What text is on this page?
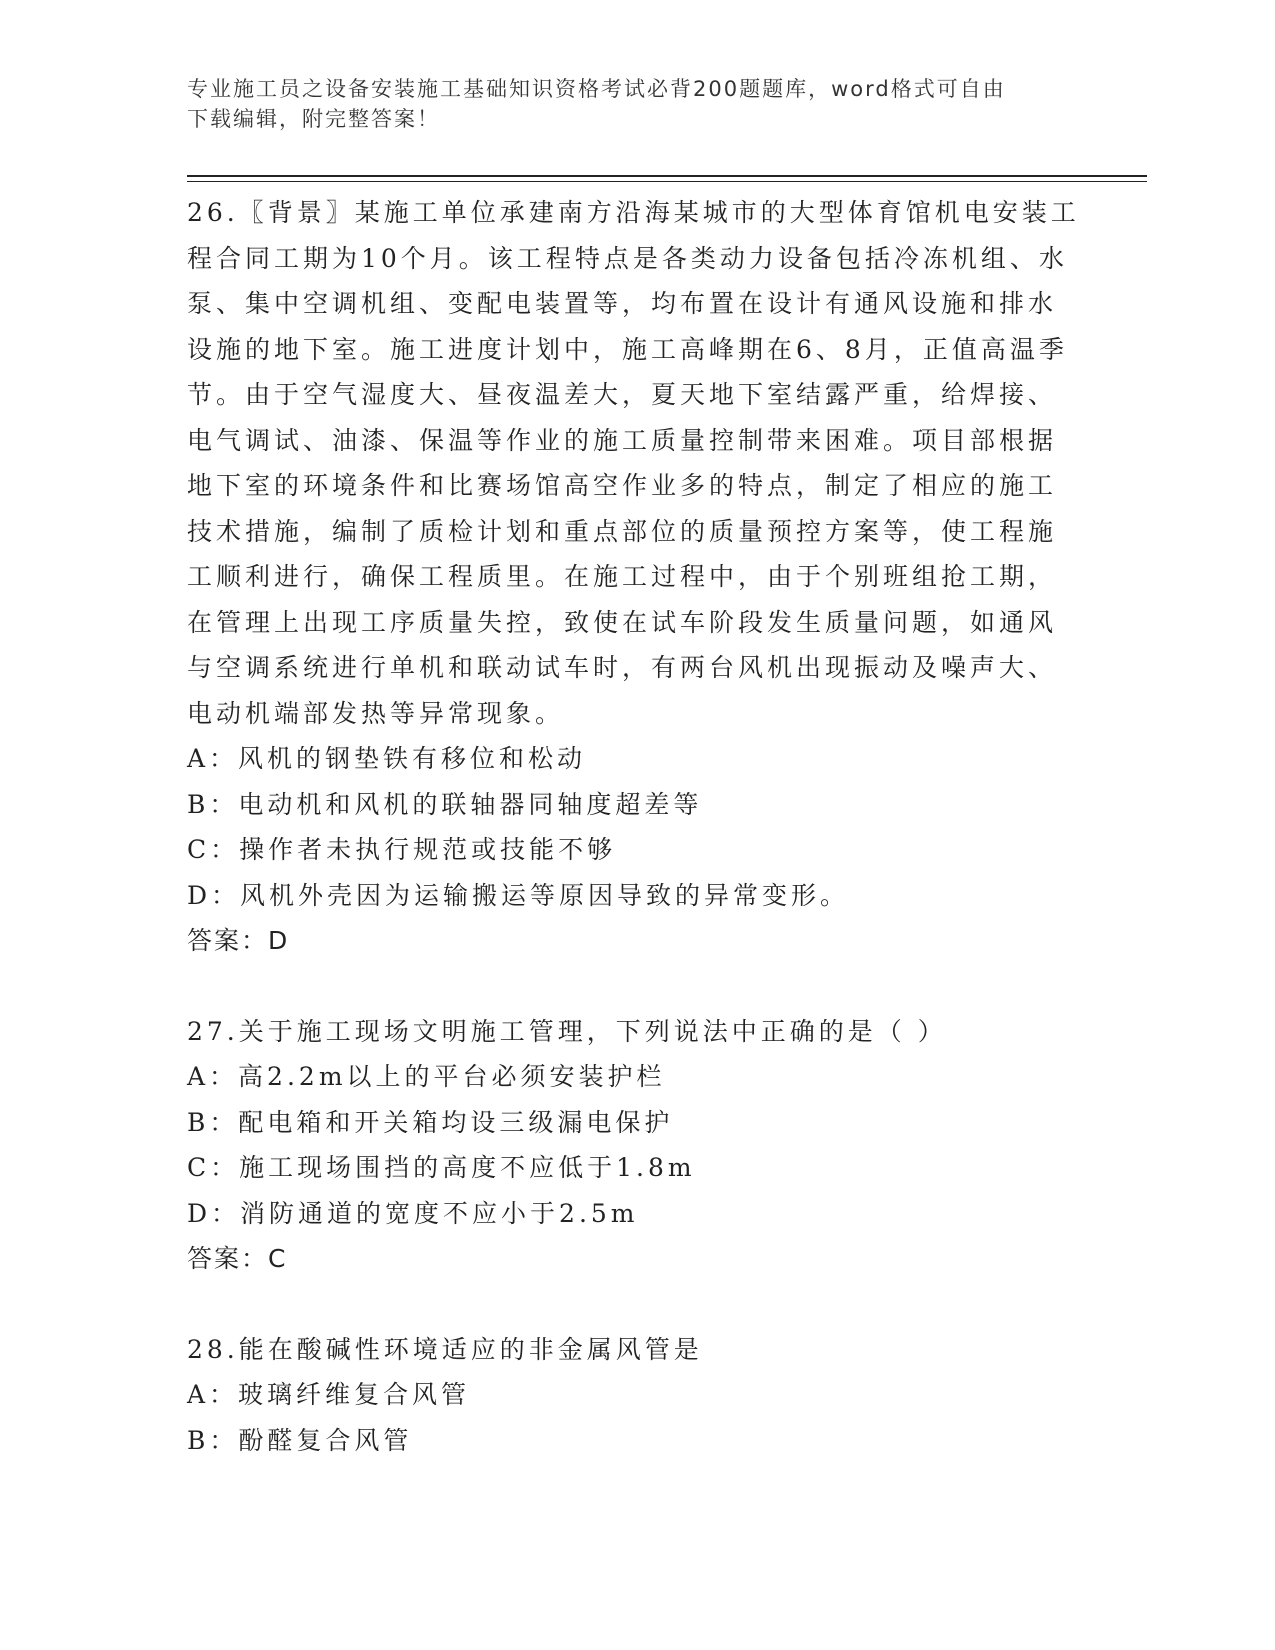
专业施工员之设备安装施工基础知识资格考试必背200题题库，word格式可自由
下载编辑，附完整答案！
26.〖背景〗某施工单位承建南方沿海某城市的大型体育馆机电安装工
程合同工期为10个月。该工程特点是各类动力设备包括冷冻机组、水
泵、集中空调机组、变配电装置等，均布置在设计有通风设施和排水
设施的地下室。施工进度计划中，施工高峰期在6、8月，正值高温季
节。由于空气湿度大、昼夜温差大，夏天地下室结露严重，给焊接、
电气调试、油漆、保温等作业的施工质量控制带来困难。项目部根据
地下室的环境条件和比赛场馆高空作业多的特点，制定了相应的施工
技术措施，编制了质检计划和重点部位的质量预控方案等，使工程施
工顺利进行，确保工程质里。在施工过程中，由于个别班组抢工期，
在管理上出现工序质量失控，致使在试车阶段发生质量问题，如通风
与空调系统进行单机和联动试车时，有两台风机出现振动及噪声大、
电动机端部发热等异常现象。
A：风机的钢垫铁有移位和松动
B：电动机和风机的联轴器同轴度超差等
C：操作者未执行规范或技能不够
D：风机外壳因为运输搬运等原因导致的异常变形。
答案：D
27.关于施工现场文明施工管理，下列说法中正确的是（ ）
A：高2.2m以上的平台必须安装护栏
B：配电箱和开关箱均设三级漏电保护
C：施工现场围挡的高度不应低于1.8m
D：消防通道的宽度不应小于2.5m
答案：C
28.能在酸碱性环境适应的非金属风管是
A：玻璃纤维复合风管
B：酚醛复合风管
